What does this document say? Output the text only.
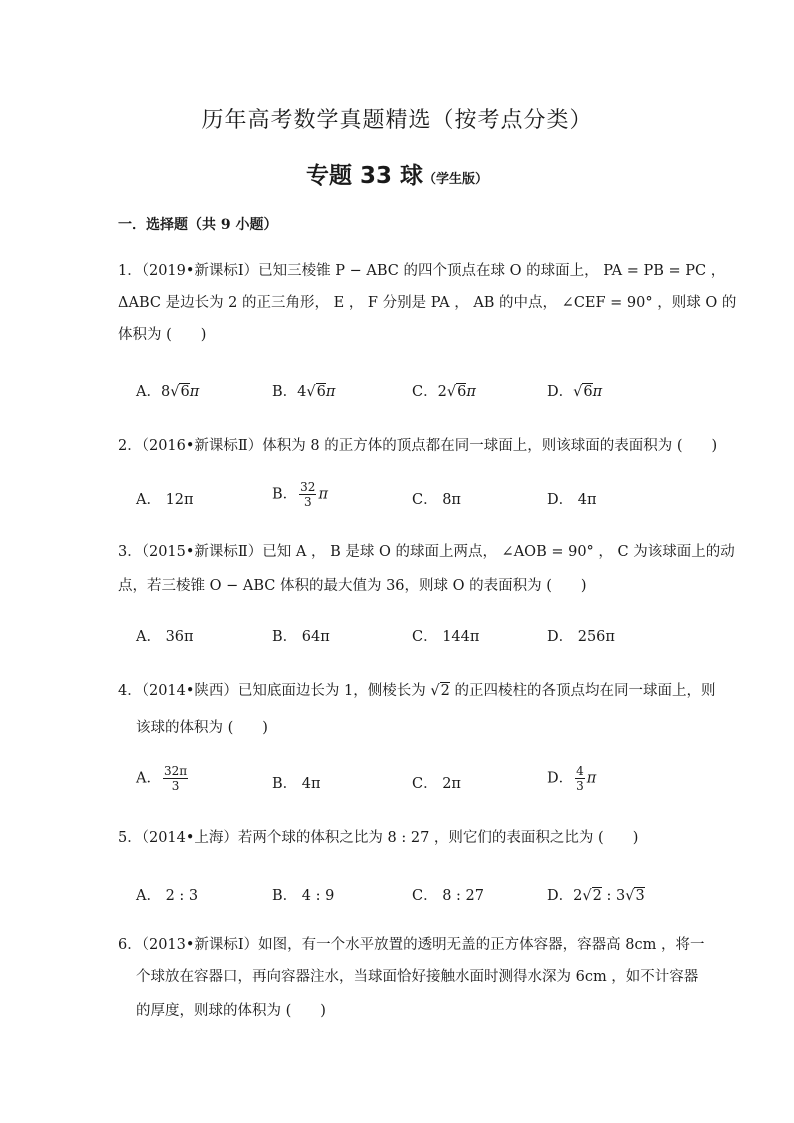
历年高考数学真题精选（按考点分类）
专题 33 球（学生版）
一．选择题（共 9 小题）
1．（2019•新课标Ⅰ）已知三棱锥 P − ABC 的四个顶点在球 O 的球面上， PA = PB = PC ，
ΔABC 是边长为 2 的正三角形， E ， F 分别是 PA ， AB 的中点， ∠CEF = 90° ，则球 O 的
体积为 (　　)
A．8√6π	B．4√6π	C．2√6π	D．√6π
2．（2016•新课标Ⅱ）体积为 8 的正方体的顶点都在同一球面上，则该球面的表面积为 (　　)
A． 12π	B． $\frac{32}{3}$ π	C． 8π	D． 4π
3．（2015•新课标Ⅱ）已知 A ， B 是球 O 的球面上两点， ∠AOB = 90° ， C 为该球面上的动
点，若三棱锥 O − ABC 体积的最大值为 36，则球 O 的表面积为 (　　)
A． 36π	B． 64π	C． 144π	D． 256π
4．（2014•陕西）已知底面边长为 1，侧棱长为 √2 的正四棱柱的各顶点均在同一球面上，则
该球的体积为 (　　)
A． $\frac{32\pi}{3}$	B． 4π	C． 2π	D． $\frac{4}{3}$ π
5．（2014•上海）若两个球的体积之比为 8 : 27 ，则它们的表面积之比为 (　　)
A． 2 : 3	B． 4 : 9	C． 8 : 27	D．2√2 : 3√3
6．（2013•新课标Ⅰ）如图，有一个水平放置的透明无盖的正方体容器，容器高 8cm ，将一
个球放在容器口，再向容器注水，当球面恰好接触水面时测得水深为 6cm ，如不计容器
的厚度，则球的体积为 (　　)
